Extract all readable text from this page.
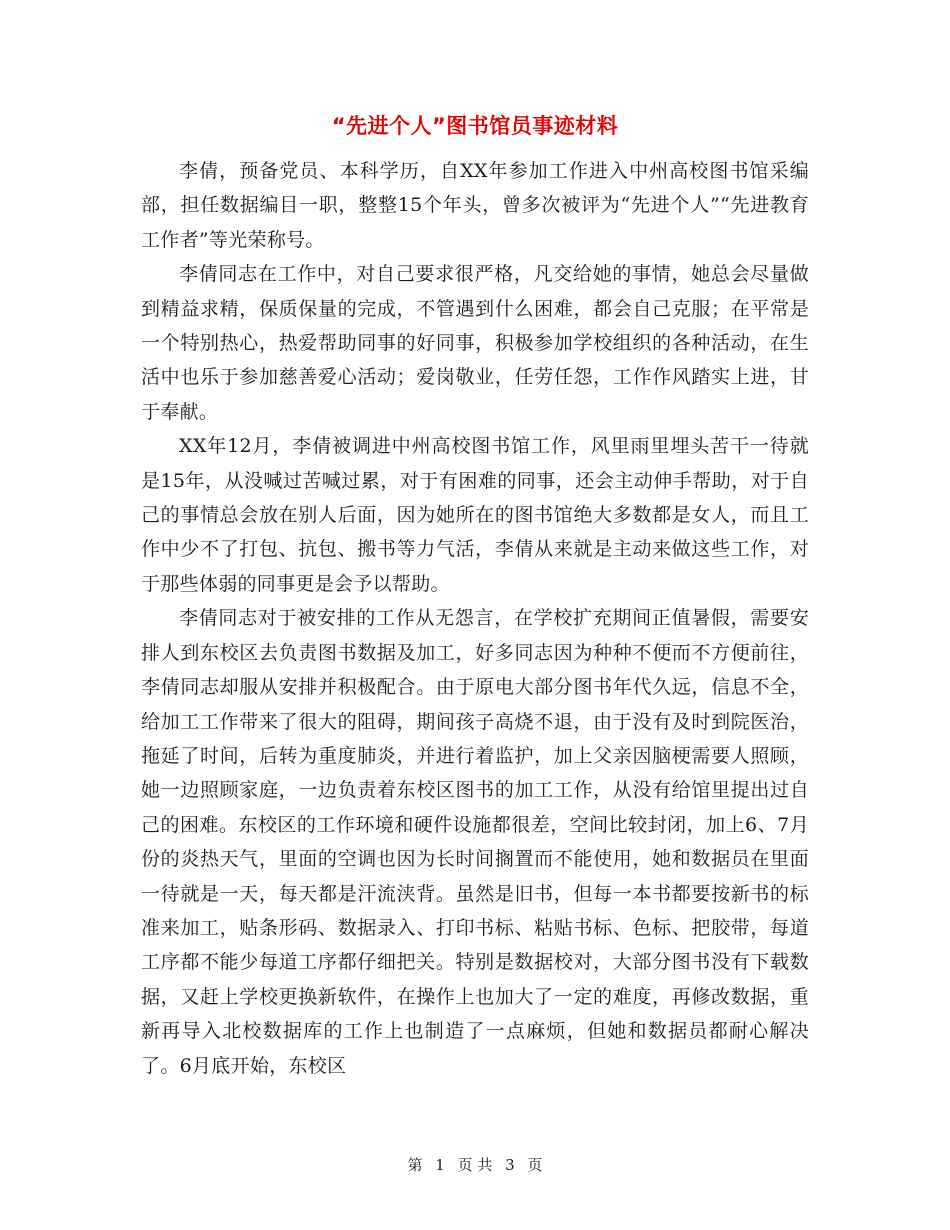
“先进个人”图书馆员事迹材料

李倩，预备党员、本科学历，自XX年参加工作进入中州高校图书馆采编部，担任数据编目一职，整整15个年头，曾多次被评为“先进个人”“先进教育工作者”等光荣称号。

李倩同志在工作中，对自己要求很严格，凡交给她的事情，她总会尽量做到精益求精，保质保量的完成，不管遇到什么困难，都会自己克服；在平常是一个特别热心，热爱帮助同事的好同事，积极参加学校组织的各种活动，在生活中也乐于参加慈善爱心活动；爱岗敬业，任劳任怨，工作作风踏实上进，甘于奉献。

XX年12月，李倩被调进中州高校图书馆工作，风里雨里埋头苦干一待就是15年，从没喊过苦喊过累，对于有困难的同事，还会主动伸手帮助，对于自己的事情总会放在别人后面，因为她所在的图书馆绝大多数都是女人，而且工作中少不了打包、抗包、搬书等力气活，李倩从来就是主动来做这些工作，对于那些体弱的同事更是会予以帮助。

李倩同志对于被安排的工作从无怨言，在学校扩充期间正值暑假，需要安排人到东校区去负责图书数据及加工，好多同志因为种种不便而不方便前往，李倩同志却服从安排并积极配合。由于原电大部分图书年代久远，信息不全，给加工工作带来了很大的阻碍，期间孩子高烧不退，由于没有及时到院医治，拖延了时间，后转为重度肺炎，并进行着监护，加上父亲因脑梗需要人照顾，她一边照顾家庭，一边负责着东校区图书的加工工作，从没有给馆里提出过自己的困难。东校区的工作环境和硬件设施都很差，空间比较封闭，加上6、7月份的炎热天气，里面的空调也因为长时间搁置而不能使用，她和数据员在里面一待就是一天，每天都是汗流浃背。虽然是旧书，但每一本书都要按新书的标准来加工，贴条形码、数据录入、打印书标、粘贴书标、色标、把胶带，每道工序都不能少每道工序都仔细把关。特别是数据校对，大部分图书没有下载数据，又赶上学校更换新软件，在操作上也加大了一定的难度，再修改数据，重新再导入北校数据库的工作上也制造了一点麻烦，但她和数据员都耐心解决了。6月底开始，东校区

第 1 页 共 3 页
